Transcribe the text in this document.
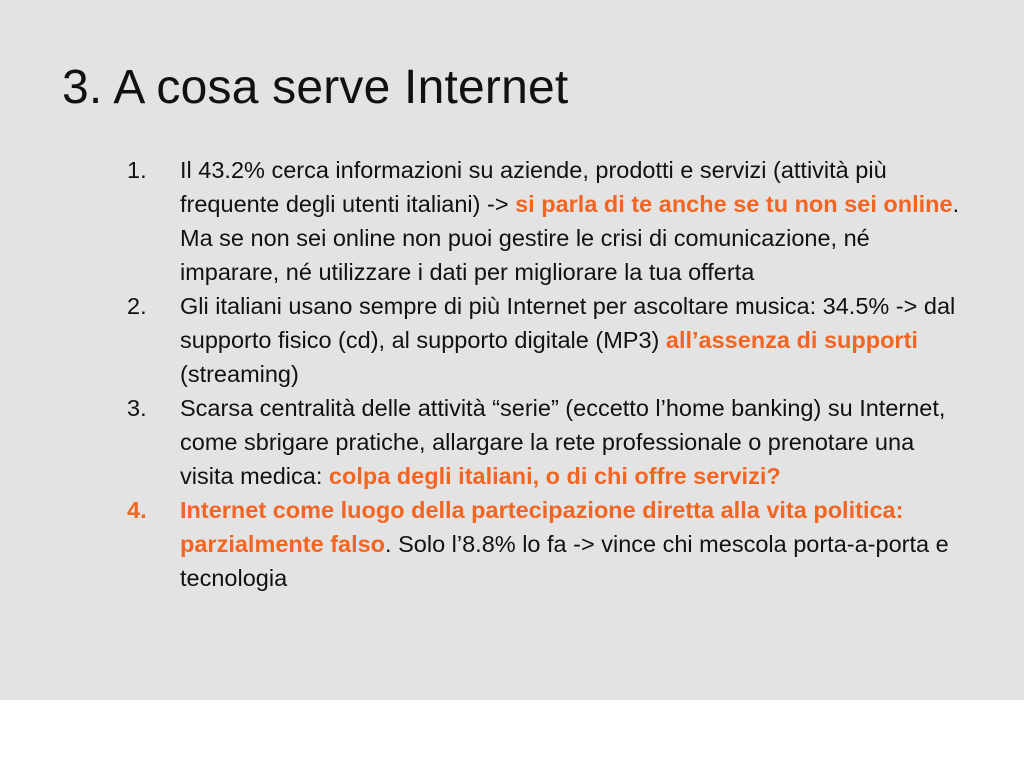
3. A cosa serve Internet
1.	Il 43.2% cerca informazioni su aziende, prodotti e servizi (attività più frequente degli utenti italiani) -> si parla di te anche se tu non sei online. Ma se non sei online non puoi gestire le crisi di comunicazione, né imparare, né utilizzare i dati per migliorare la tua offerta
2.	Gli italiani usano sempre di più Internet per ascoltare musica: 34.5% -> dal supporto fisico (cd), al supporto digitale (MP3) all’assenza di supporti (streaming)
3.	Scarsa centralità delle attività “serie” (eccetto l’home banking) su Internet, come sbrigare pratiche, allargare la rete professionale o prenotare una visita medica: colpa degli italiani, o di chi offre servizi?
4.	Internet come luogo della partecipazione diretta alla vita politica: parzialmente falso. Solo l’8.8% lo fa -> vince chi mescola porta-a-porta e tecnologia
